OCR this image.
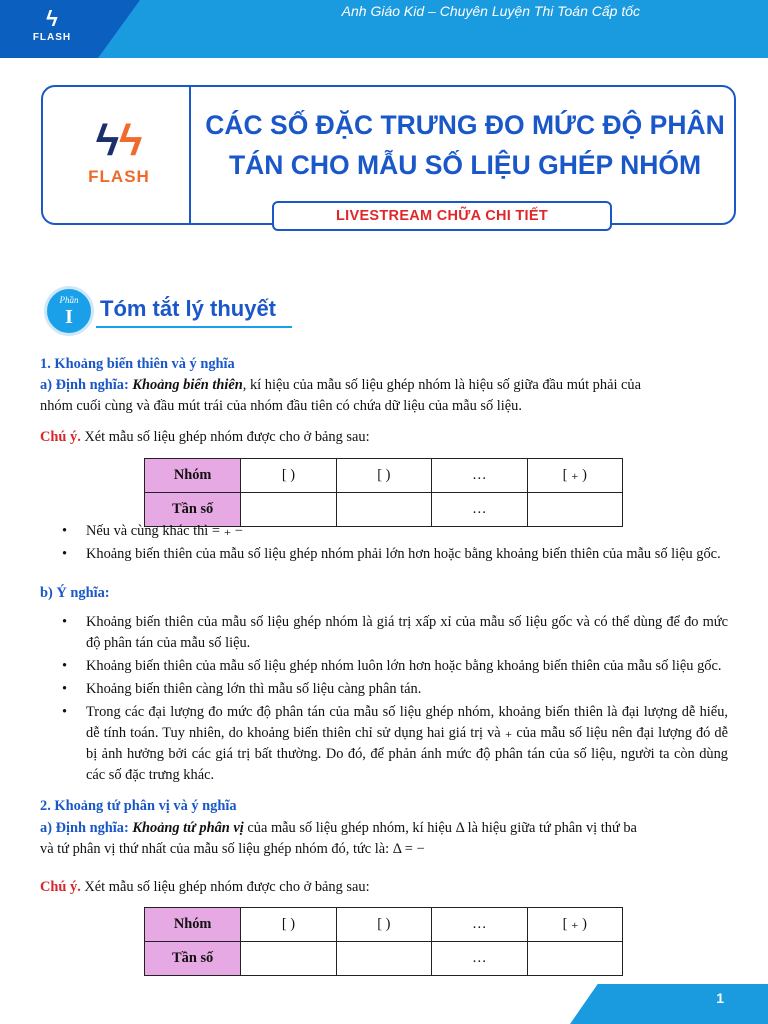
ϟ
FLASH
Anh Giáo Kid – Chuyên Luyện Thi Toán Cấp tốc
ϟϟ
FLASH
CÁC SỐ ĐẶC TRƯNG ĐO MỨC ĐỘ PHÂN
TÁN CHO MẪU SỐ LIỆU GHÉP NHÓM
LIVESTREAM CHỮA CHI TIẾT
Phần
I	Tóm tắt lý thuyết
1. Khoảng biến thiên và ý nghĩa
a) Định nghĩa: Khoảng biến thiên, kí hiệu của mẫu số liệu ghép nhóm là hiệu số giữa đầu mút phải của
nhóm cuối cùng và đầu mút trái của nhóm đầu tiên có chứa dữ liệu của mẫu số liệu.
Chú ý. Xét mẫu số liệu ghép nhóm được cho ở bảng sau:
Nhóm	[ )	[ )	…	[ ₊ )
Tần số			…	
• Nếu và cùng khác thì = ₊ −
• Khoảng biến thiên của mẫu số liệu ghép nhóm phải lớn hơn hoặc bằng khoảng biến thiên của mẫu số liệu gốc.
b) Ý nghĩa:
• Khoảng biến thiên của mẫu số liệu ghép nhóm là giá trị xấp xỉ của mẫu số liệu gốc và có thể dùng để đo mức độ phân tán của mẫu số liệu.
• Khoảng biến thiên của mẫu số liệu ghép nhóm luôn lớn hơn hoặc bằng khoảng biến thiên của mẫu số liệu gốc.
• Khoảng biến thiên càng lớn thì mẫu số liệu càng phân tán.
• Trong các đại lượng đo mức độ phân tán của mẫu số liệu ghép nhóm, khoảng biến thiên là đại lượng dễ hiểu, dễ tính toán. Tuy nhiên, do khoảng biến thiên chỉ sử dụng hai giá trị và ₊ của mẫu số liệu nên đại lượng đó dễ bị ảnh hưởng bởi các giá trị bất thường. Do đó, để phản ánh mức độ phân tán của số liệu, người ta còn dùng các số đặc trưng khác.
2. Khoảng tứ phân vị và ý nghĩa
a) Định nghĩa: Khoảng tứ phân vị của mẫu số liệu ghép nhóm, kí hiệu Δ là hiệu giữa tứ phân vị thứ ba
và tứ phân vị thứ nhất của mẫu số liệu ghép nhóm đó, tức là: Δ = −
Chú ý. Xét mẫu số liệu ghép nhóm được cho ở bảng sau:
Nhóm	[ )	[ )	…	[ ₊ )
Tần số			…	
1
